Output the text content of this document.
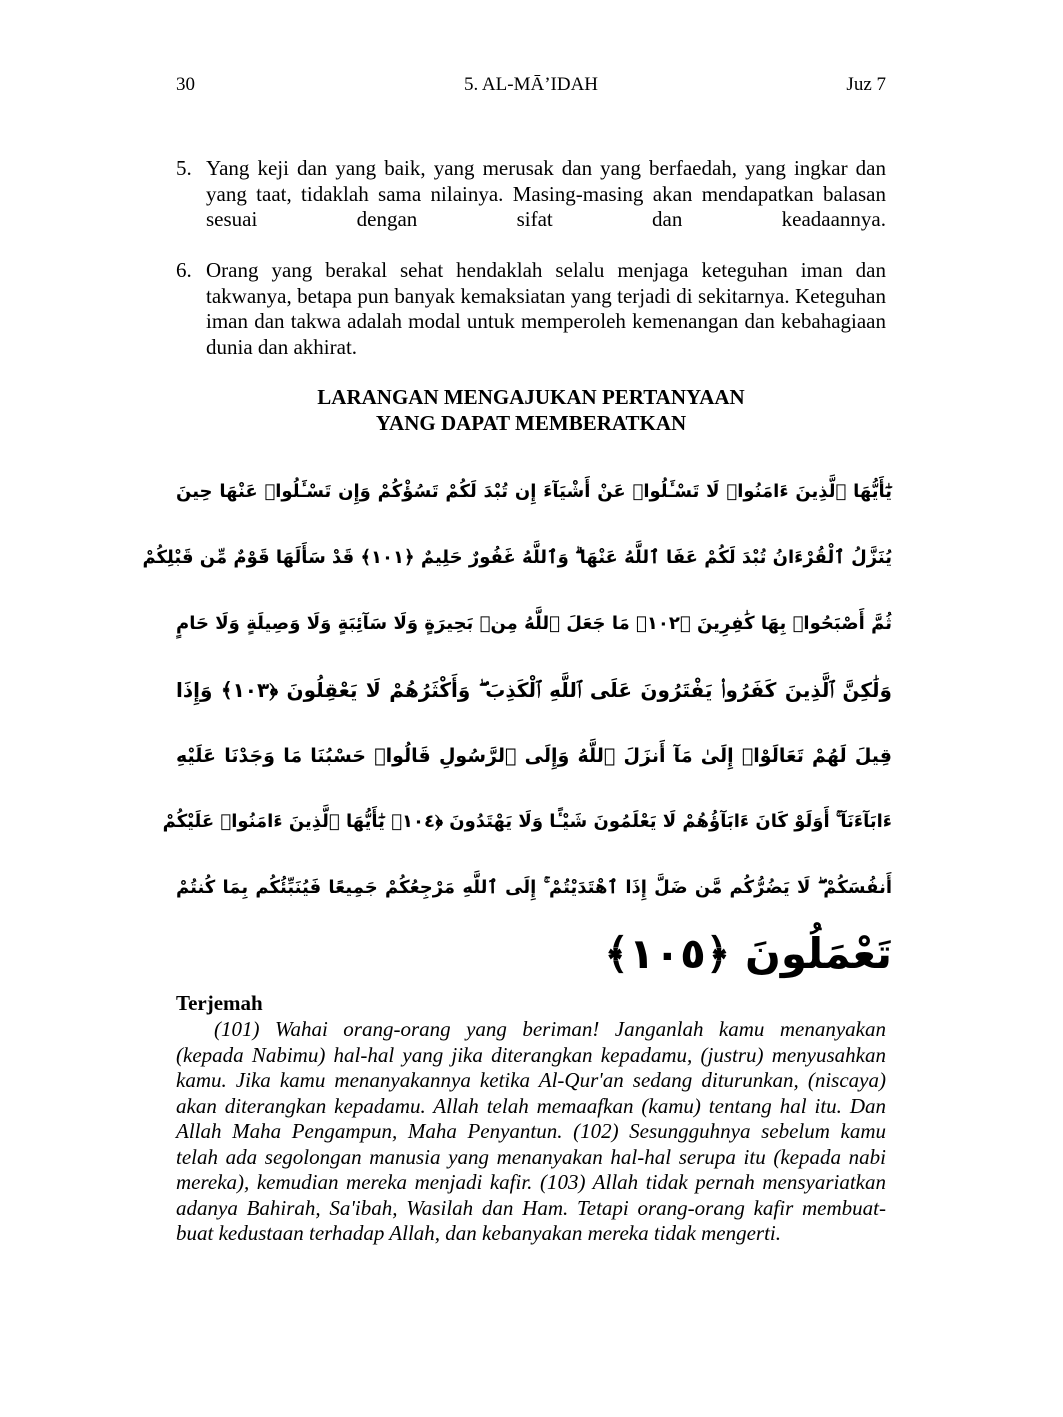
30	5. AL-MĀ’IDAH	Juz 7
5. Yang keji dan yang baik, yang merusak dan yang berfaedah, yang ingkar dan yang taat, tidaklah sama nilainya. Masing-masing akan mendapatkan balasan sesuai dengan sifat dan keadaannya.
6. Orang yang berakal sehat hendaklah selalu menjaga keteguhan iman dan takwanya, betapa pun banyak kemaksiatan yang terjadi di sekitarnya. Keteguhan iman dan takwa adalah modal untuk memperoleh kemenangan dan kebahagiaan dunia dan akhirat.
LARANGAN MENGAJUKAN PERTANYAAN
YANG DAPAT MEMBERATKAN
يَٰٓأَيُّهَا ٱلَّذِينَ ءَامَنُوا۟ لَا تَسْـَٔلُوا۟ عَنْ أَشْيَآءَ إِن تُبْدَ لَكُمْ تَسُؤْكُمْ وَإِن تَسْـَٔلُوا۟ عَنْهَا حِينَ
يُنَزَّلُ ٱلْقُرْءَانُ تُبْدَ لَكُمْ عَفَا ٱللَّهُ عَنْهَا ۗ وَٱللَّهُ غَفُورٌ حَلِيمٌ ﴿١٠١﴾ قَدْ سَأَلَهَا قَوْمٌ مِّن قَبْلِكُمْ
ثُمَّ أَصْبَحُوا۟ بِهَا كَٰفِرِينَ ﴿١٠٢﴾ مَا جَعَلَ ٱللَّهُ مِنۢ بَحِيرَةٍ وَلَا سَآئِبَةٍ وَلَا وَصِيلَةٍ وَلَا حَامٍ
وَلَٰكِنَّ ٱلَّذِينَ كَفَرُوا۟ يَفْتَرُونَ عَلَى ٱللَّهِ ٱلْكَذِبَ ۖ وَأَكْثَرُهُمْ لَا يَعْقِلُونَ ﴿١٠٣﴾ وَإِذَا
قِيلَ لَهُمْ تَعَالَوْا۟ إِلَىٰ مَآ أَنزَلَ ٱللَّهُ وَإِلَى ٱلرَّسُولِ قَالُوا۟ حَسْبُنَا مَا وَجَدْنَا عَلَيْهِ
ءَابَآءَنَآ ۚ أَوَلَوْ كَانَ ءَابَآؤُهُمْ لَا يَعْلَمُونَ شَيْـًٔا وَلَا يَهْتَدُونَ ﴿١٠٤﴾ يَٰٓأَيُّهَا ٱلَّذِينَ ءَامَنُوا۟ عَلَيْكُمْ
أَنفُسَكُمْ ۖ لَا يَضُرُّكُم مَّن ضَلَّ إِذَا ٱهْتَدَيْتُمْ ۚ إِلَى ٱللَّهِ مَرْجِعُكُمْ جَمِيعًا فَيُنَبِّئُكُم بِمَا كُنتُمْ
تَعْمَلُونَ ﴿١٠٥﴾
Terjemah
(101) Wahai orang-orang yang beriman! Janganlah kamu menanyakan (kepada Nabimu) hal-hal yang jika diterangkan kepadamu, (justru) menyusahkan kamu. Jika kamu menanyakannya ketika Al-Qur'an sedang diturunkan, (niscaya) akan diterangkan kepadamu. Allah telah memaafkan (kamu) tentang hal itu. Dan Allah Maha Pengampun, Maha Penyantun. (102) Sesungguhnya sebelum kamu telah ada segolongan manusia yang menanyakan hal-hal serupa itu (kepada nabi mereka), kemudian mereka menjadi kafir. (103) Allah tidak pernah mensyariatkan adanya Bahirah, Sa'ibah, Wasilah dan Ham. Tetapi orang-orang kafir membuat-buat kedustaan terhadap Allah, dan kebanyakan mereka tidak mengerti.
